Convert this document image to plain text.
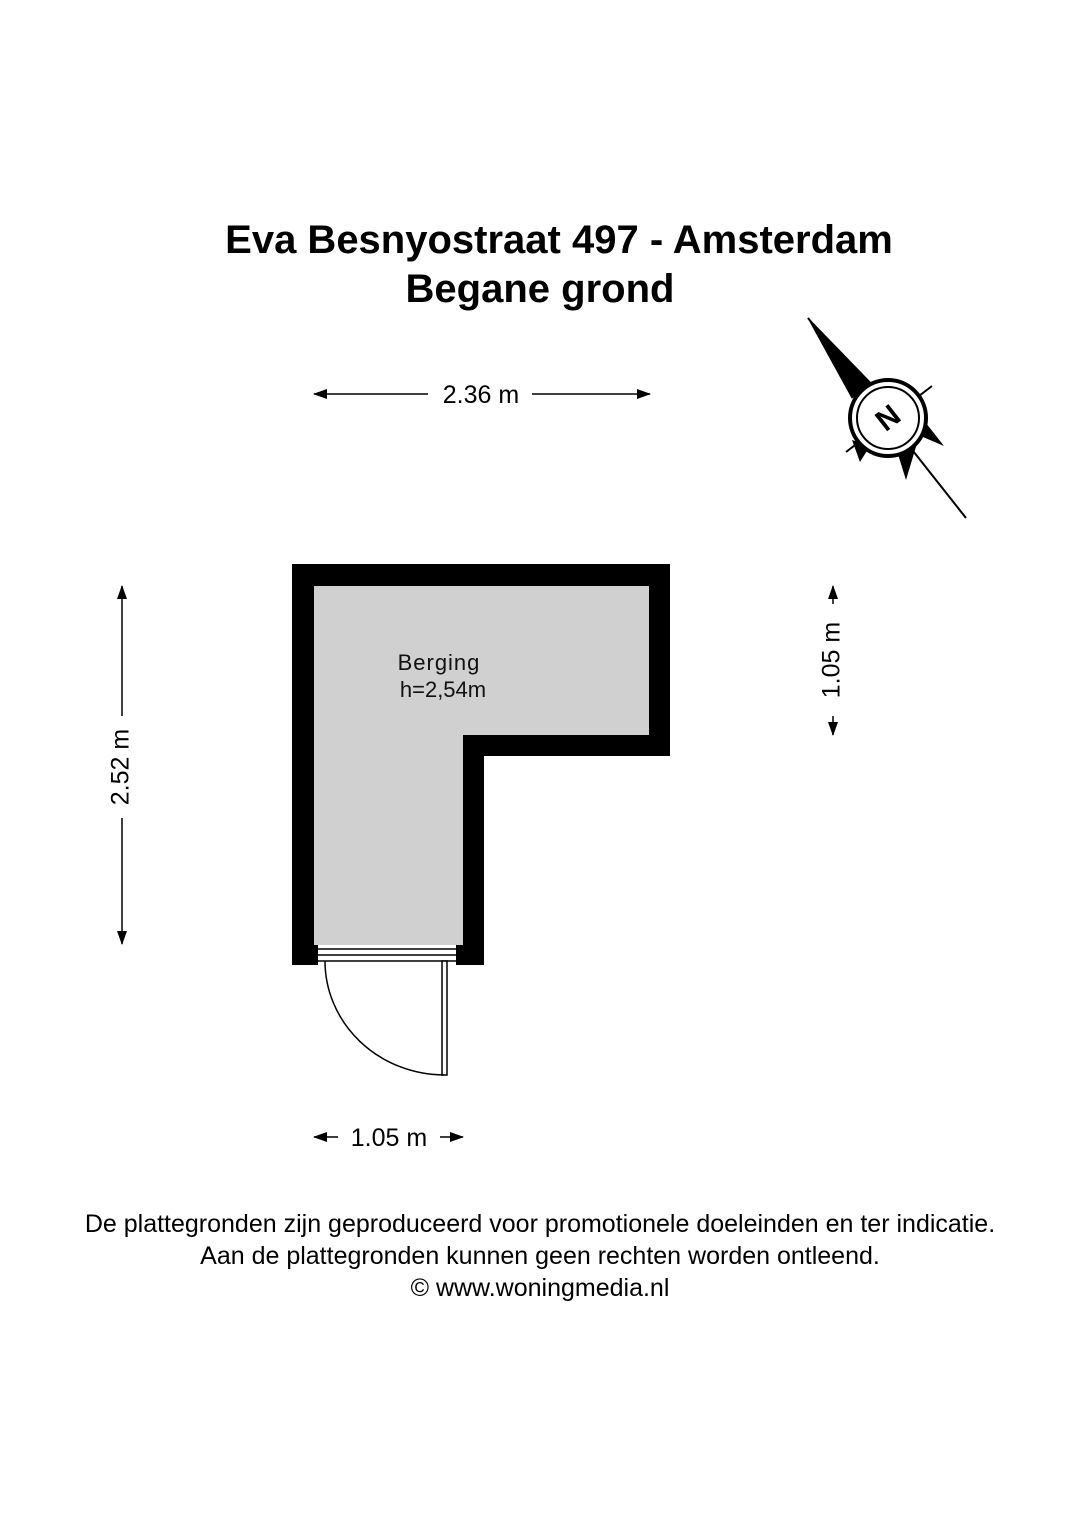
Eva Besnyostraat 497 - Amsterdam
Begane grond
N
Berging
h=2,54m
2.36 m
2.52 m
1.05 m
1.05 m
De plattegronden zijn geproduceerd voor promotionele doeleinden en ter indicatie.
Aan de plattegronden kunnen geen rechten worden ontleend.
© www.woningmedia.nl
